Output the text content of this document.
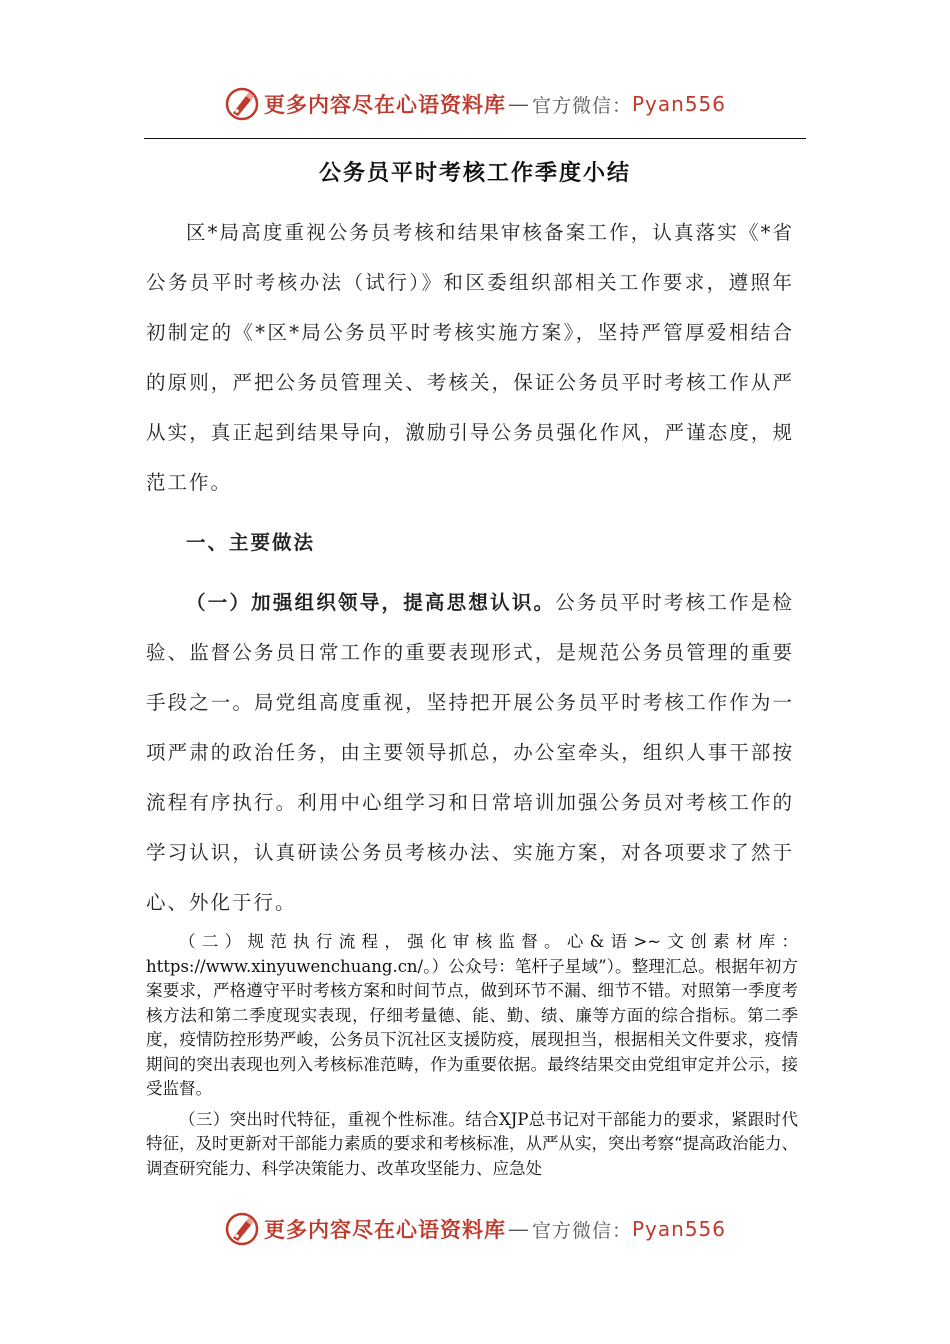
更多内容尽在心语资料库 — 官方微信： Pyan556
公务员平时考核工作季度小结

区*局高度重视公务员考核和结果审核备案工作，认真落实《*省公务员平时考核办法（试行）》和区委组织部相关工作要求，遵照年初制定的《*区*局公务员平时考核实施方案》，坚持严管厚爱相结合的原则，严把公务员管理关、考核关，保证公务员平时考核工作从严从实，真正起到结果导向，激励引导公务员强化作风，严谨态度，规范工作。

一、主要做法

（一）加强组织领导，提高思想认识。公务员平时考核工作是检验、监督公务员日常工作的重要表现形式，是规范公务员管理的重要手段之一。局党组高度重视，坚持把开展公务员平时考核工作作为一项严肃的政治任务，由主要领导抓总，办公室牵头，组织人事干部按流程有序执行。利用中心组学习和日常培训加强公务员对考核工作的学习认识，认真研读公务员考核办法、实施方案，对各项要求了然于心、外化于行。

（二）规范执行流程，强化审核监督。心&语>~文创素材库：https://www.xinyuwenchuang.cn/。）公众号：笔杆子星域”）。整理汇总。根据年初方案要求，严格遵守平时考核方案和时间节点，做到环节不漏、细节不错。对照第一季度考核方法和第二季度现实表现，仔细考量德、能、勤、绩、廉等方面的综合指标。第二季度，疫情防控形势严峻，公务员下沉社区支援防疫，展现担当，根据相关文件要求，疫情期间的突出表现也列入考核标准范畴，作为重要依据。最终结果交由党组审定并公示，接受监督。

（三）突出时代特征，重视个性标准。结合XJP总书记对干部能力的要求，紧跟时代特征，及时更新对干部能力素质的要求和考核标准，从严从实，突出考察“提高政治能力、调查研究能力、科学决策能力、改革攻坚能力、应急处

更多内容尽在心语资料库 — 官方微信： Pyan556
